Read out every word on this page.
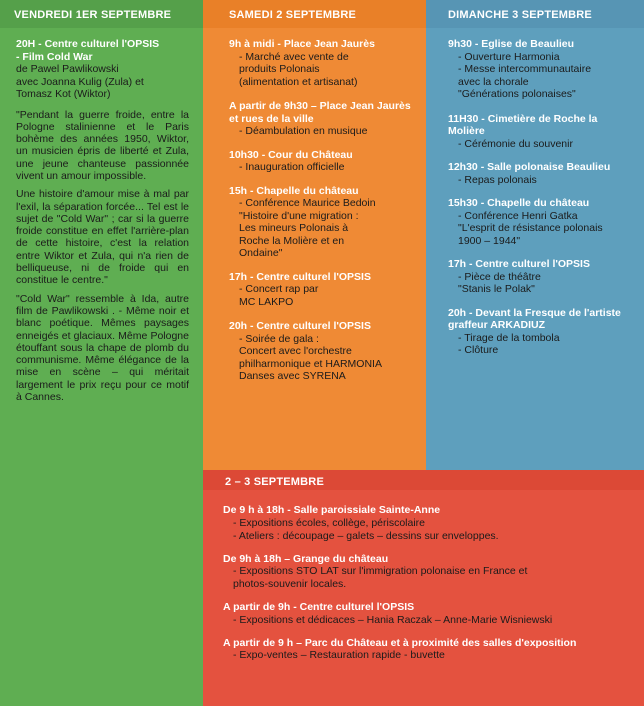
VENDREDI 1ER SEPTEMBRE
20H - Centre culturel l'OPSIS
- Film Cold War
de Pawel Pawlikowski
avec Joanna Kulig (Zula) et
Tomasz Kot (Wiktor)

"Pendant la guerre froide, entre la Pologne stalinienne et le Paris bohème des années 1950, Wiktor, un musicien épris de liberté et Zula, une jeune chanteuse passionnée vivent un amour impossible.

Une histoire d'amour mise à mal par l'exil, la séparation forcée... Tel est le sujet de "Cold War" ; car si la guerre froide constitue en effet l'arrière-plan de cette histoire, c'est la relation entre Wiktor et Zula, qui n'a rien de belliqueuse, ni de froide qui en constitue le centre."

"Cold War" ressemble à Ida, autre film de Pawlikowski . - Même noir et blanc poétique. Mêmes paysages enneigés et glaciaux. Même Pologne étouffant sous la chape de plomb du communisme. Même élégance de la mise en scène – qui méritait largement le prix reçu pour ce motif à Cannes.

SAMEDI 2 SEPTEMBRE
9h à midi - Place Jean Jaurès
- Marché avec vente de
produits Polonais
(alimentation et artisanat)
A partir de 9h30 – Place Jean Jaurès et rues de la ville
- Déambulation en musique
10h30 - Cour du Château
- Inauguration officielle
15h - Chapelle du château
- Conférence Maurice Bedoin
"Histoire d'une migration :
Les mineurs Polonais à
Roche la Molière et en
Ondaine"
17h - Centre culturel l'OPSIS
- Concert rap par
MC LAKPO
20h - Centre culturel l'OPSIS
- Soirée de gala :
Concert avec l'orchestre
philharmonique et HARMONIA
Danses avec SYRENA
DIMANCHE 3 SEPTEMBRE
9h30 - Eglise de Beaulieu
- Ouverture Harmonia
- Messe intercommunautaire
avec la chorale
"Générations polonaises"
11H30 - Cimetière de Roche la Molière
- Cérémonie du souvenir
12h30 - Salle polonaise Beaulieu
- Repas polonais
15h30 - Chapelle du château
- Conférence Henri Gatka
"L'esprit de résistance polonais
1900 – 1944"
17h - Centre culturel l'OPSIS
- Pièce de théâtre
"Stanis le Polak"
20h - Devant la Fresque de l'artiste graffeur ARKADIUZ
- Tirage de la tombola
- Clôture
2 – 3 SEPTEMBRE
De 9 h à 18h - Salle paroissiale Sainte-Anne
- Expositions écoles, collège, périscolaire
- Ateliers : découpage – galets – dessins sur enveloppes.
De 9h à 18h – Grange du château
- Expositions STO LAT sur l'immigration polonaise en France et
photos-souvenir locales.
A partir de 9h - Centre culturel l'OPSIS
- Expositions et dédicaces – Hania Raczak – Anne-Marie Wisniewski
A partir de 9 h – Parc du Château et à proximité des salles d'exposition
- Expo-ventes – Restauration rapide - buvette
